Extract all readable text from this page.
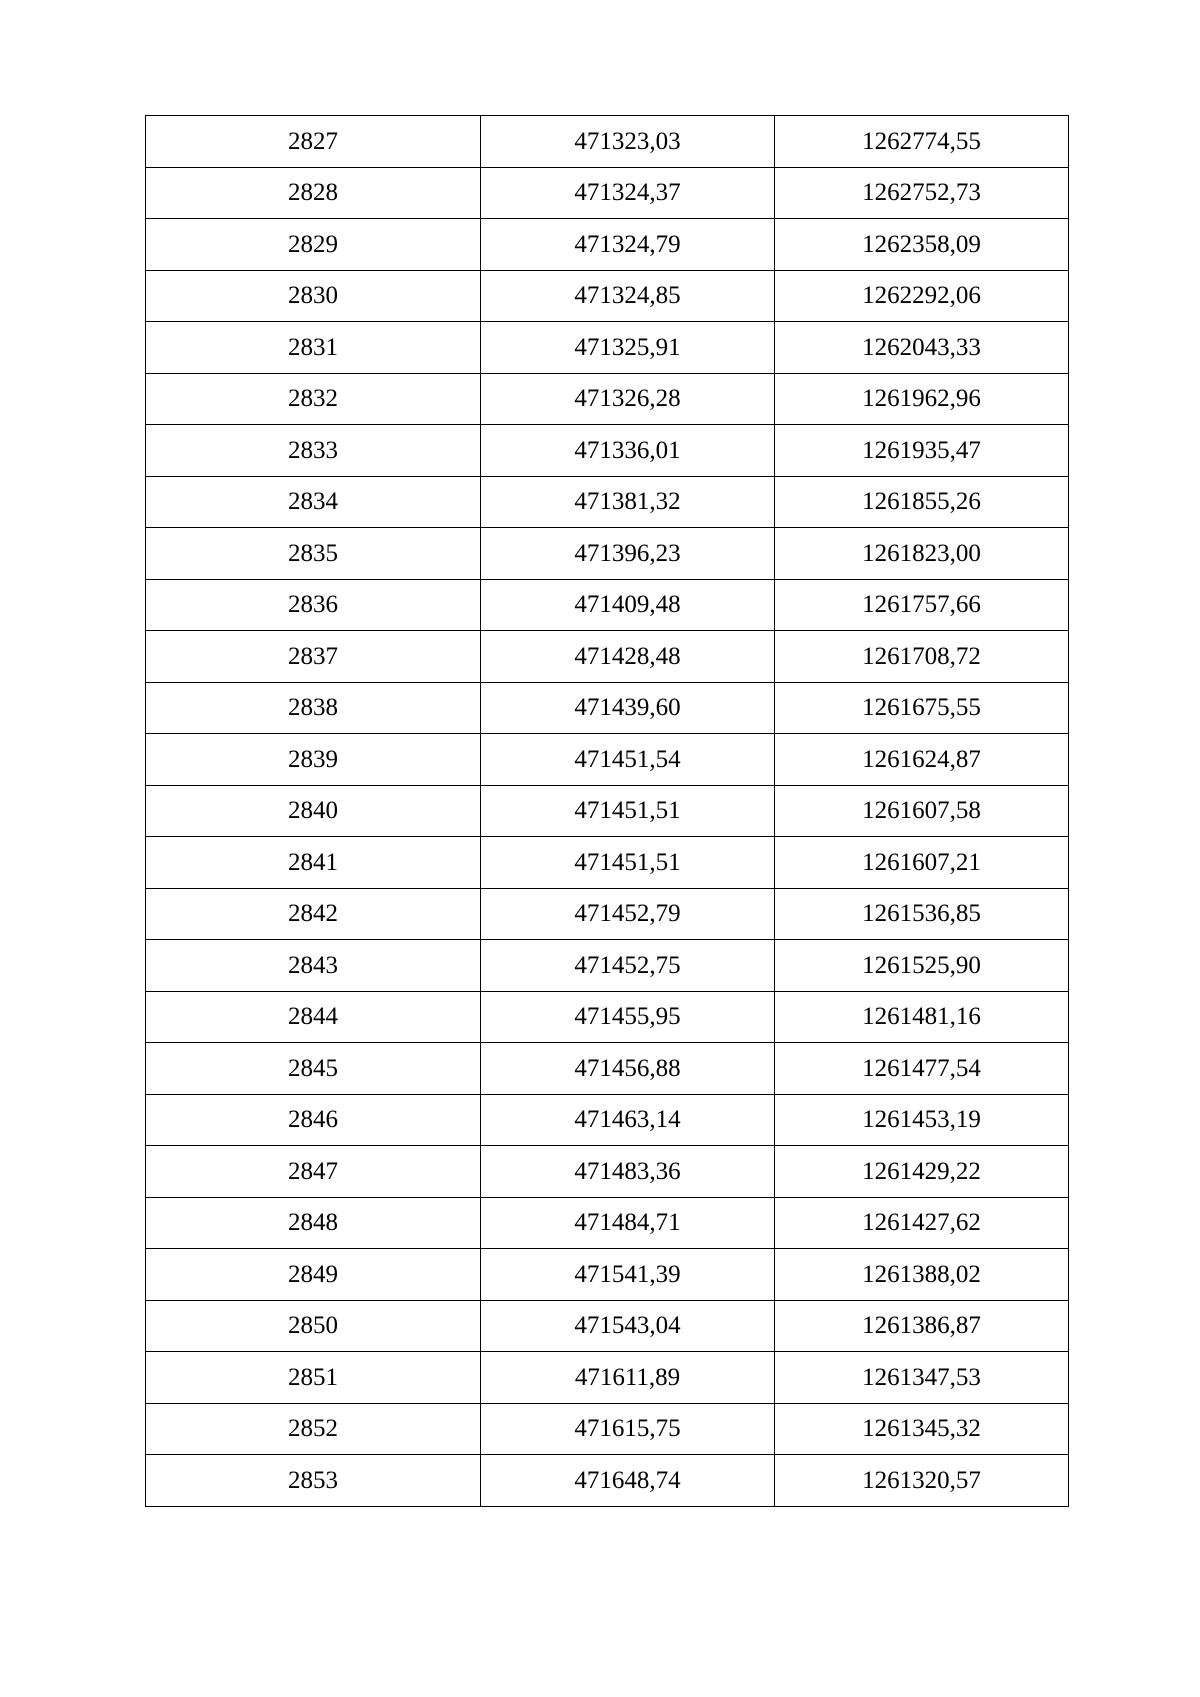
2827	471323,03	1262774,55
2828	471324,37	1262752,73
2829	471324,79	1262358,09
2830	471324,85	1262292,06
2831	471325,91	1262043,33
2832	471326,28	1261962,96
2833	471336,01	1261935,47
2834	471381,32	1261855,26
2835	471396,23	1261823,00
2836	471409,48	1261757,66
2837	471428,48	1261708,72
2838	471439,60	1261675,55
2839	471451,54	1261624,87
2840	471451,51	1261607,58
2841	471451,51	1261607,21
2842	471452,79	1261536,85
2843	471452,75	1261525,90
2844	471455,95	1261481,16
2845	471456,88	1261477,54
2846	471463,14	1261453,19
2847	471483,36	1261429,22
2848	471484,71	1261427,62
2849	471541,39	1261388,02
2850	471543,04	1261386,87
2851	471611,89	1261347,53
2852	471615,75	1261345,32
2853	471648,74	1261320,57
